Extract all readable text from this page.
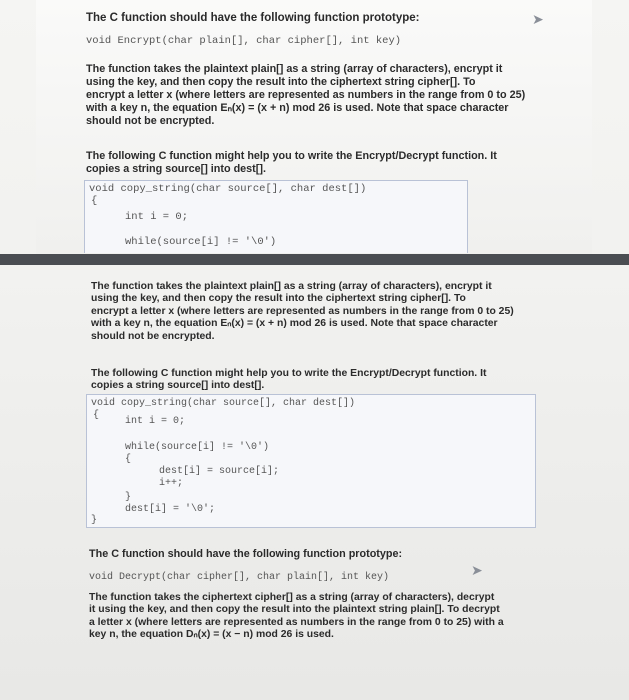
The C function should have the following function prototype:	➤
void Encrypt(char plain[], char cipher[], int key)
The function takes the plaintext plain[] as a string (array of characters), encrypt it
using the key, and then copy the result into the ciphertext string cipher[]. To
encrypt a letter x (where letters are represented as numbers in the range from 0 to 25)
with a key n, the equation Eₙ(x) = (x + n) mod 26 is used. Note that space character
should not be encrypted.
The following C function might help you to write the Encrypt/Decrypt function. It
copies a string source[] into dest[].
void copy_string(char source[], char dest[])
{
int i = 0;
while(source[i] != '\0')
The function takes the plaintext plain[] as a string (array of characters), encrypt it
using the key, and then copy the result into the ciphertext string cipher[]. To
encrypt a letter x (where letters are represented as numbers in the range from 0 to 25)
with a key n, the equation Eₙ(x) = (x + n) mod 26 is used. Note that space character
should not be encrypted.
The following C function might help you to write the Encrypt/Decrypt function. It
copies a string source[] into dest[].
void copy_string(char source[], char dest[])
{
int i = 0;
while(source[i] != '\0')
{
dest[i] = source[i];
i++;
}
dest[i] = '\0';
}
The C function should have the following function prototype:
➤
void Decrypt(char cipher[], char plain[], int key)
The function takes the ciphertext cipher[] as a string (array of characters), decrypt
it using the key, and then copy the result into the plaintext string plain[]. To decrypt
a letter x (where letters are represented as numbers in the range from 0 to 25) with a
key n, the equation Dₙ(x) = (x − n) mod 26 is used.
